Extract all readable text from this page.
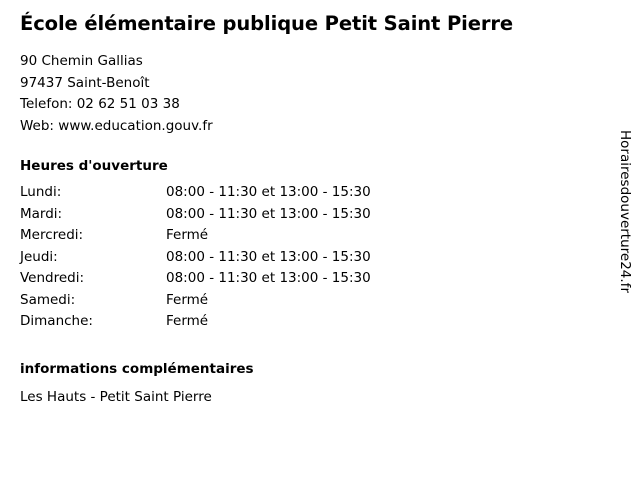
École élémentaire publique Petit Saint Pierre
90 Chemin Gallias
97437 Saint-Benoît
Telefon: 02 62 51 03 38
Web: www.education.gouv.fr
Heures d'ouverture
Lundi:	08:00 - 11:30 et 13:00 - 15:30
Mardi:	08:00 - 11:30 et 13:00 - 15:30
Mercredi:	Fermé
Jeudi:	08:00 - 11:30 et 13:00 - 15:30
Vendredi:	08:00 - 11:30 et 13:00 - 15:30
Samedi:	Fermé
Dimanche:	Fermé
informations complémentaires
Les Hauts - Petit Saint Pierre
Horairesdouverture24.fr
